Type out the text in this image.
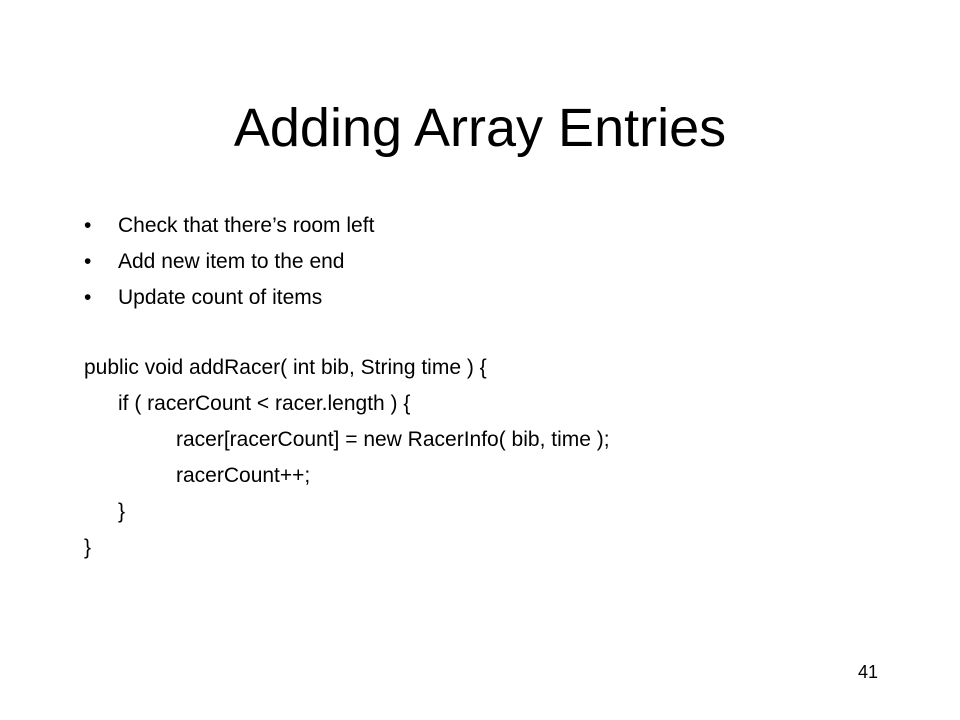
Adding Array Entries
•	Check that there’s room left
•	Add new item to the end
•	Update count of items
public void addRacer( int bib, String time ) {
if ( racerCount < racer.length ) {
racer[racerCount] = new RacerInfo( bib, time );
racerCount++;
}
}
41
